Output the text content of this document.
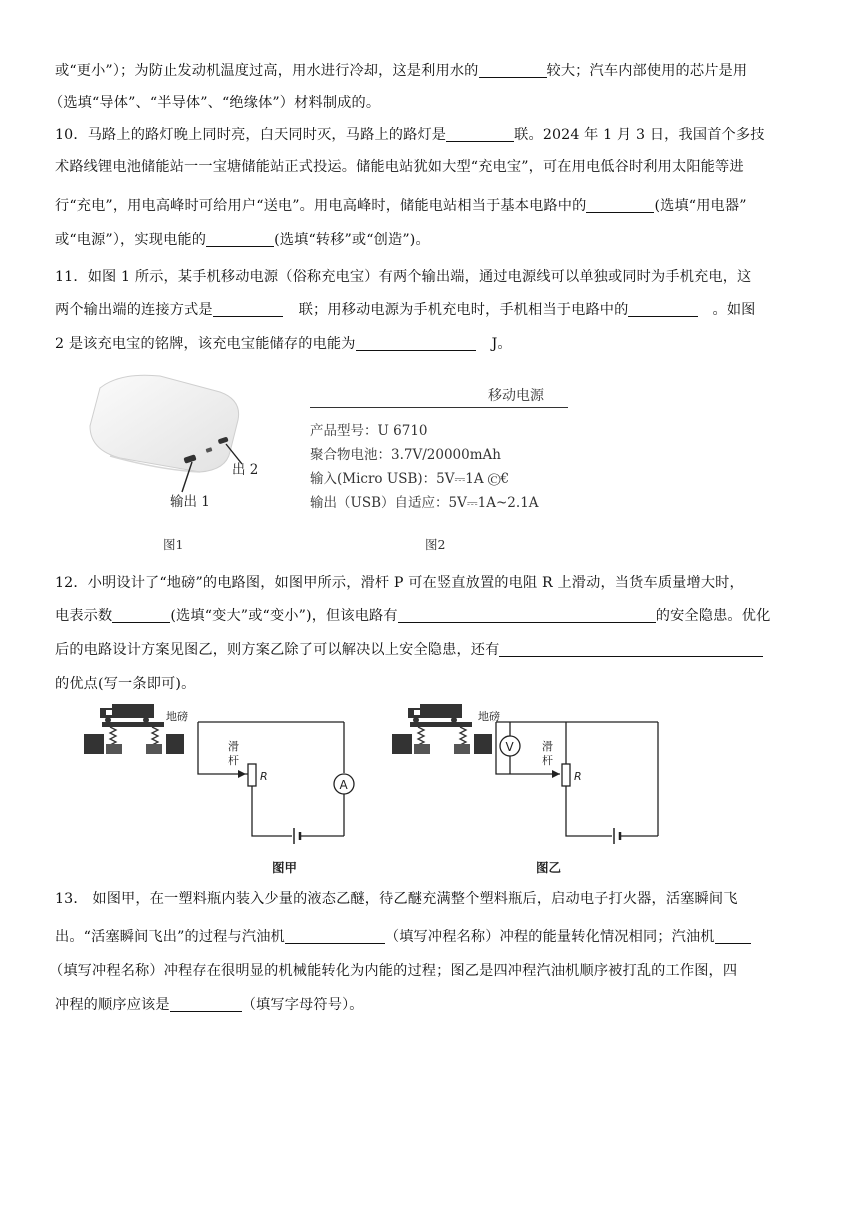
或“更小”）；为防止发动机温度过高，用水进行冷却，这是利用水的	较大；汽车内部使用的芯片是用
（选填“导体”、“半导体”、“绝缘体”）材料制成的。
10．马路上的路灯晚上同时亮，白天同时灭，马路上的路灯是	联。2024 年 1 月 3 日，我国首个多技
术路线锂电池储能站一一宝塘储能站正式投运。储能电站犹如大型“充电宝”，可在用电低谷时利用太阳能等进
行“充电”，用电高峰时可给用户“送电”。用电高峰时，储能电站相当于基本电路中的	(选填“用电器”
或“电源”），实现电能的	(选填“转移”或“创造”)。
11．如图 1 所示，某手机移动电源（俗称充电宝）有两个输出端，通过电源线可以单独或同时为手机充电，这
两个输出端的连接方式是	联；用移动电源为手机充电时，手机相当于电路中的	。如图
2 是该充电宝的铭牌，该充电宝能储存的电能为	J。
输出 1
出 2
图1
移动电源
产品型号：U 6710
聚合物电池：3.7V/20000mAh
输入(Micro USB)：5V⎓1A Ⓒ€
输出（USB）自适应：5V⎓1A~2.1A
图2
12．小明设计了“地磅”的电路图，如图甲所示，滑杆 P 可在竖直放置的电阻 R 上滑动，当货车质量增大时，
电表示数	(选填“变大”或“变小”)，但该电路有	的安全隐患。优化
后的电路设计方案见图乙，则方案乙除了可以解决以上安全隐患，还有
的优点(写一条即可)。
地磅
A
R
滑 杆
图甲
地磅
V
R
滑 杆
图乙
13． 如图甲，在一塑料瓶内装入少量的液态乙醚，待乙醚充满整个塑料瓶后，启动电子打火器，活塞瞬间飞
出。“活塞瞬间飞出”的过程与汽油机	（填写冲程名称）冲程的能量转化情况相同；汽油机
（填写冲程名称）冲程存在很明显的机械能转化为内能的过程；图乙是四冲程汽油机顺序被打乱的工作图，四
冲程的顺序应该是	（填写字母符号）。
